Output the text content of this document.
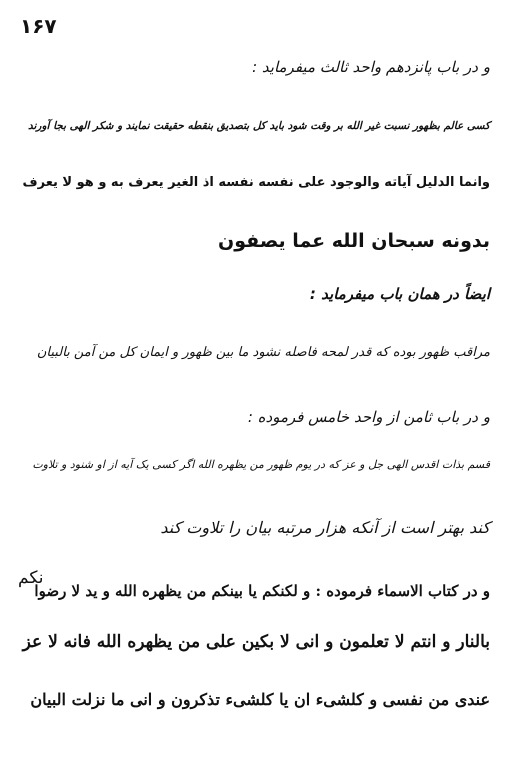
۱۶۷
و در باب پانزدهم واحد ثالث میفرماید :
کسی عالم بظهور نسبت غیر الله بر وقت شود باید کل بتصدیق بنقطه حقیقت نمایند و شکر الهی بجا آورند
وانما الدلیل آیاته والوجود علی نفسه نفسه اذ الغیر یعرف به و هو لا یعرف
بدونه سبحان الله عما یصفون
ایضاً در همان باب میفرماید :
مراقب ظهور بوده که قدر لمحه فاصله نشود ما بین ظهور و ایمان کل من آمن بالبیان
و در باب ثامن از واحد خامس فرموده :
قسم بذات اقدس الهی جل و عز که در یوم ظهور من یظهره الله اگر کسی یک آیه از او شنود و تلاوت
کند بهتر است از آنکه هزار مرتبه بیان را تلاوت کند
و در کتاب الاسماء فرموده : و لکنکم یا بینکم من یظهره الله و ید لا رضوا
بالنار و انتم لا تعلمون و انی لا بکین علی من یظهره الله فانه لا عز
عندی من نفسی و کلشیء ان یا کلشیء تذکرون و انی ما نزلت البیان
نکم
